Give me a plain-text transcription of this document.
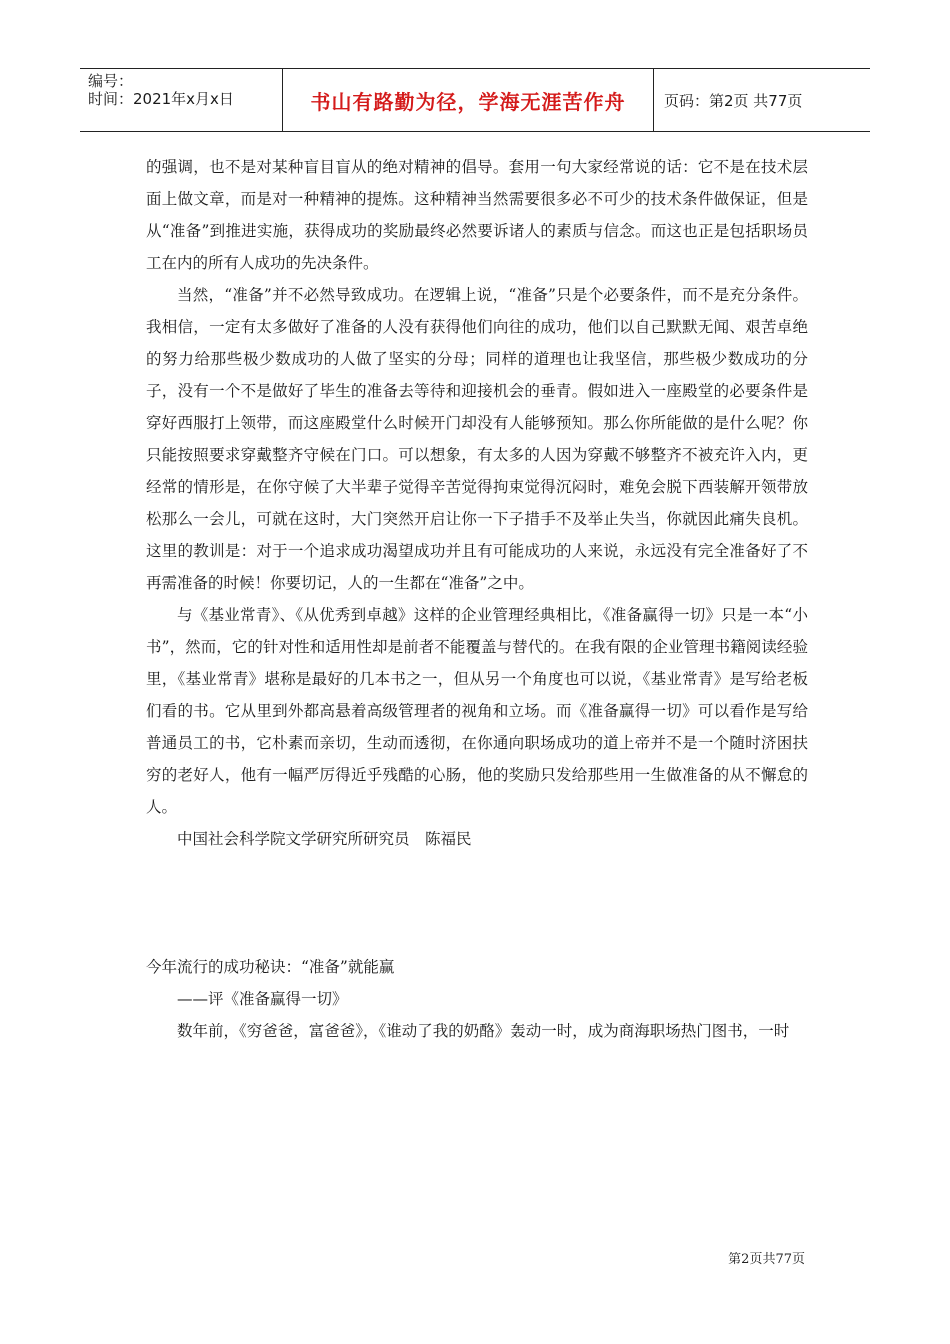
编号：
时间：2021年x月x日	书山有路勤为径，学海无涯苦作舟	页码：第2页 共77页

的强调，也不是对某种盲目盲从的绝对精神的倡导。套用一句大家经常说的话：它不是在技术层面上做文章，而是对一种精神的提炼。这种精神当然需要很多必不可少的技术条件做保证，但是从“准备”到推进实施，获得成功的奖励最终必然要诉诸人的素质与信念。而这也正是包括职场员工在内的所有人成功的先决条件。

当然，“准备”并不必然导致成功。在逻辑上说，“准备”只是个必要条件，而不是充分条件。我相信，一定有太多做好了准备的人没有获得他们向往的成功，他们以自己默默无闻、艰苦卓绝的努力给那些极少数成功的人做了坚实的分母；同样的道理也让我坚信，那些极少数成功的分子，没有一个不是做好了毕生的准备去等待和迎接机会的垂青。假如进入一座殿堂的必要条件是穿好西服打上领带，而这座殿堂什么时候开门却没有人能够预知。那么你所能做的是什么呢？你只能按照要求穿戴整齐守候在门口。可以想象，有太多的人因为穿戴不够整齐不被充许入内，更经常的情形是，在你守候了大半辈子觉得辛苦觉得拘束觉得沉闷时，难免会脱下西装解开领带放松那么一会儿，可就在这时，大门突然开启让你一下子措手不及举止失当，你就因此痛失良机。这里的教训是：对于一个追求成功渴望成功并且有可能成功的人来说，永远没有完全准备好了不再需准备的时候！你要切记，人的一生都在“准备”之中。

与《基业常青》、《从优秀到卓越》这样的企业管理经典相比，《准备赢得一切》只是一本“小书”，然而，它的针对性和适用性却是前者不能覆盖与替代的。在我有限的企业管理书籍阅读经验里，《基业常青》堪称是最好的几本书之一，但从另一个角度也可以说，《基业常青》是写给老板们看的书。它从里到外都高悬着高级管理者的视角和立场。而《准备赢得一切》可以看作是写给普通员工的书，它朴素而亲切，生动而透彻，在你通向职场成功的道上帝并不是一个随时济困扶穷的老好人，他有一幅严厉得近乎残酷的心肠，他的奖励只发给那些用一生做准备的从不懈怠的人。

中国社会科学院文学研究所研究员　陈福民

今年流行的成功秘诀：“准备”就能赢

——评《准备赢得一切》

数年前，《穷爸爸，富爸爸》，《谁动了我的奶酪》轰动一时，成为商海职场热门图书，一时

第2页共77页
